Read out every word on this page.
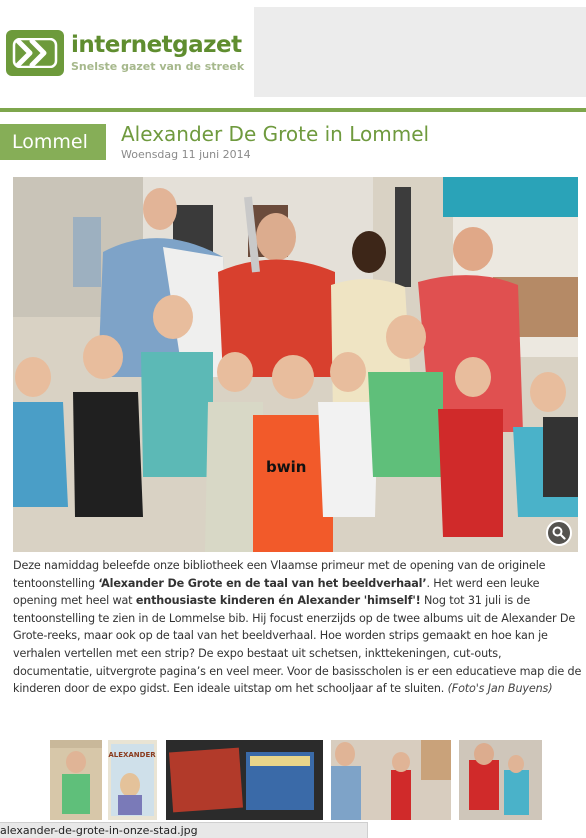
internetgazet
Snelste gazet van de streek
Lommel	Alexander De Grote in Lommel
Woensdag 11 juni 2014
bwin
Deze namiddag beleefde onze bibliotheek een Vlaamse primeur met de opening van de originele tentoonstelling ‘Alexander De Grote en de taal van het beeldverhaal’. Het werd een leuke opening met heel wat enthousiaste kinderen én Alexander 'himself'! Nog tot 31 juli is de tentoonstelling te zien in de Lommelse bib. Hij focust enerzijds op de twee albums uit de Alexander De Grote-reeks, maar ook op de taal van het beeldverhaal. Hoe worden strips gemaakt en hoe kan je verhalen vertellen met een strip? De expo bestaat uit schetsen, inkttekeningen, cut-outs, documentatie, uitvergrote pagina’s en veel meer. Voor de basisscholen is er een educatieve map die de kinderen door de expo gidst. Een ideale uitstap om het schooljaar af te sluiten. (Foto's Jan Buyens)
ALEXANDER
alexander-de-grote-in-onze-stad.jpg
